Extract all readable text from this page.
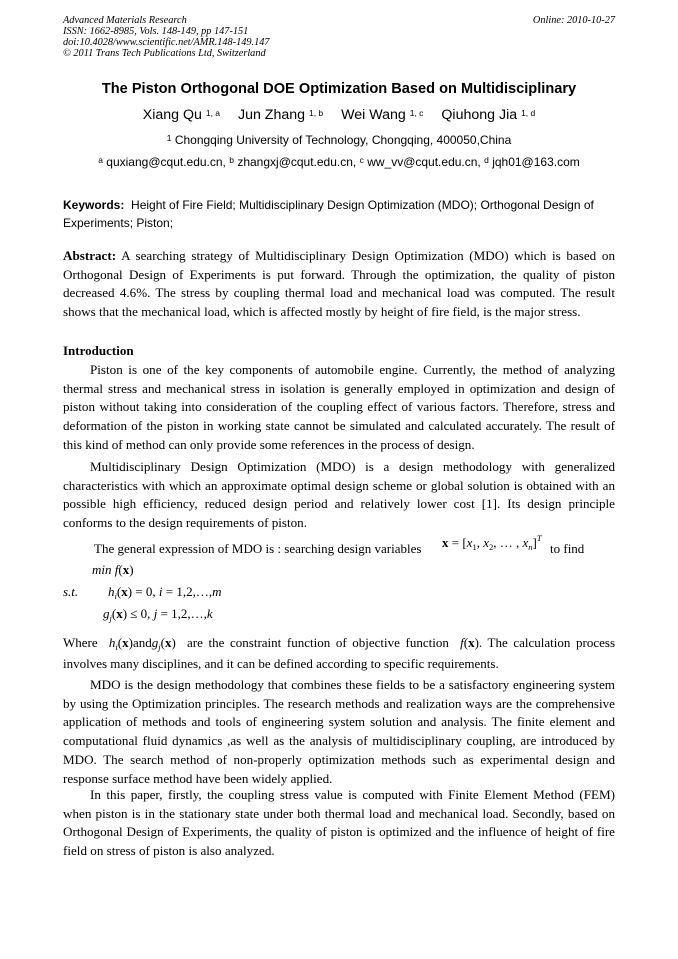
Advanced Materials Research
ISSN: 1662-8985, Vols. 148-149, pp 147-151
doi:10.4028/www.scientific.net/AMR.148-149.147
© 2011 Trans Tech Publications Ltd, Switzerland
Online: 2010-10-27
The Piston Orthogonal DOE Optimization Based on Multidisciplinary
Xiang Qu $^{1, a}$ Jun Zhang $^{1, b}$ Wei Wang $^{1, c}$ Qiuhong Jia $^{1, d}$
$^1$ Chongqing University of Technology, Chongqing, 400050,China
$^a$ quxiang@cqut.edu.cn, $^b$ zhangxj@cqut.edu.cn, $^c$ ww_vv@cqut.edu.cn, $^d$ jqh01@163.com
Keywords: Height of Fire Field; Multidisciplinary Design Optimization (MDO); Orthogonal Design of Experiments; Piston;
Abstract: A searching strategy of Multidisciplinary Design Optimization (MDO) which is based on Orthogonal Design of Experiments is put forward. Through the optimization, the quality of piston decreased 4.6%. The stress by coupling thermal load and mechanical load was computed. The result shows that the mechanical load, which is affected mostly by height of fire field, is the major stress.
Introduction
Piston is one of the key components of automobile engine. Currently, the method of analyzing thermal stress and mechanical stress in isolation is generally employed in optimization and design of piston without taking into consideration of the coupling effect of various factors. Therefore, stress and deformation of the piston in working state cannot be simulated and calculated accurately. The result of this kind of method can only provide some references in the process of design.
Multidisciplinary Design Optimization (MDO) is a design methodology with generalized characteristics with which an approximate optimal design scheme or global solution is obtained with an possible high efficiency, reduced design period and relatively lower cost [1]. Its design principle conforms to the design requirements of piston.
The general expression of MDO is : searching design variables $x = [x_1$, $x_2$, … , $x_n]^T$
to find
min f(x)
s.t. $h_i(x) = 0$, i = 1,2,…,m
$g_j(x) \le 0$, j = 1,2,…,k
Where  $h_i(x)andg_j(x)$  are the constraint function of objective function f(x). The calculation process involves many disciplines, and it can be defined according to specific requirements.
MDO is the design methodology that combines these fields to be a satisfactory engineering system by using the Optimization principles. The research methods and realization ways are the comprehensive application of methods and tools of engineering system solution and analysis. The finite element and computational fluid dynamics ,as well as the analysis of multidisciplinary coupling, are introduced by MDO. The search method of non-properly optimization methods such as experimental design and response surface method have been widely applied.
In this paper, firstly, the coupling stress value is computed with Finite Element Method (FEM) when piston is in the stationary state under both thermal load and mechanical load. Secondly, based on Orthogonal Design of Experiments, the quality of piston is optimized and the influence of height of fire field on stress of piston is also analyzed.
